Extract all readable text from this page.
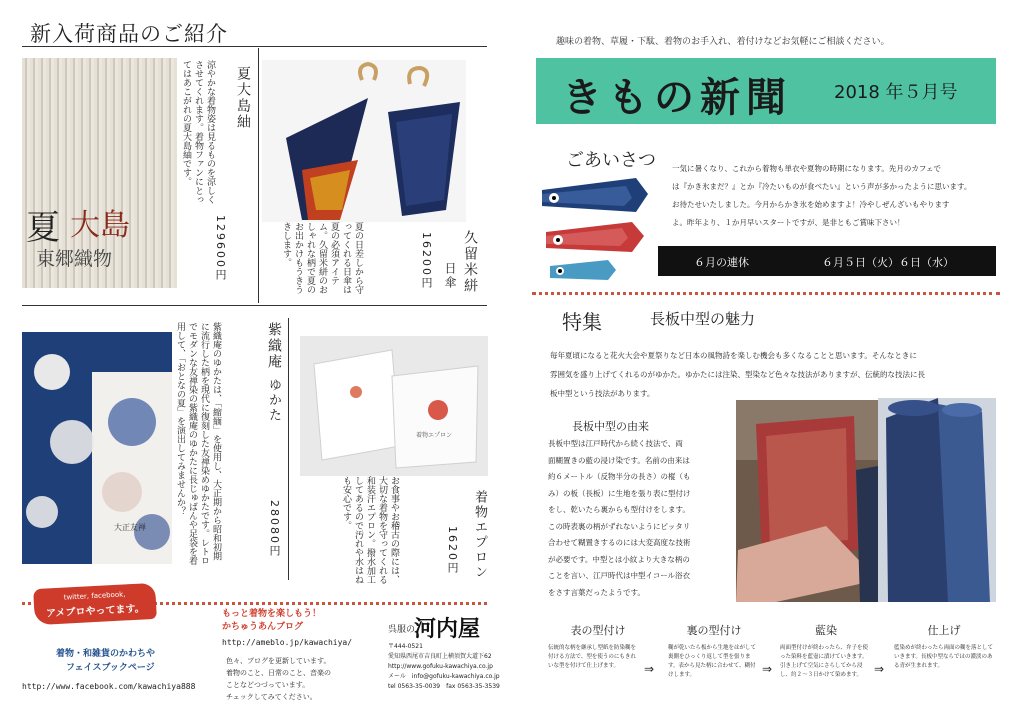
新入荷商品のご紹介
夏 大島
東郷織物
涼やかな着物姿は見るものを涼しくさせてくれます。着物ファンにとってはあこがれの夏大島紬です。
129600円
夏大島紬
夏の日差しから守ってくれる日傘は夏の必須アイテム。久留米絣のおしゃれな柄で夏のお出かけもうきうきします。	16200円 久留米絣
日傘
大正友禅	紫織庵のゆかたは、「縮緬」を使用し、大正期から昭和初期に流行した柄を現代に復刻した友禅染めゆかたです。レトロでモダンな友禅染の紫織庵のゆかたに長じゅばんや足袋を着用して、「おとなの夏」を演出してみませんか？	紫織庵
ゆかた
28080円
着物エプロン
お食事やお稽古の際には、大切な着物を守ってくれる和装汗エプロン。撥水加工してあるので汚れや水はねも安心です。
1620円 着物エプロン
twitter, facebook,
アメブロやってます。
着物・和雑貨のかわちや
フェイスブックページ
http://www.facebook.com/kawachiya888
もっと着物を楽しもう！
かちゅうあんブログ
http://ameblo.jp/kawachiya/
色々、ブログを更新しています。
着物のこと、日常のこと、音楽の
ことなどつづっています。
チェックしてみてください。
呉服の
河内屋
〒444-0521
愛知県西尾市吉良町上横須賀大道下62
http://www.gofuku-kawachiya.co.jp
メール　info@gofuku-kawachiya.co.jp
tel 0563-35-0039　fax 0563-35-3539
趣味の着物、草履・下駄、着物のお手入れ、着付けなどお気軽にご相談ください。
きもの新聞 2018 年５月号
ごあいさつ 一気に暑くなり、これから着物も単衣や夏物の時期になります。先月のカフェで
は『かき氷まだ？』とか『冷たいものが食べたい』という声が多かったように思います。
お待たせいたしました。今月からかき氷を始めますよ！冷やしぜんざいもやります
よ。昨年より、１か月早いスタートですが、是非ともご賞味下さい！
６月の連休	６月５日（火）６日（水）
特集	長板中型の魅力
毎年夏頃になると花火大会や夏祭りなど日本の風物詩を楽しむ機会も多くなることと思います。そんなときに
雰囲気を盛り上げてくれるのがゆかた。ゆかたには注染、型染など色々な技法がありますが、伝統的な技法に長
板中型という技法があります。
長板中型の由来
長板中型は江戸時代から続く技法で、両
面糊置きの藍の浸け染です。名前の由来は
約６メートル（反物半分の長さ）の樅（も
み）の板（長板）に生地を張り表に型付け
をし、乾いたら裏からも型付けをします。
この時表裏の柄がずれないようにピッタリ
合わせて糊置きするのには大変高度な技術
が必要です。中型とは小紋より大きな柄の
ことを言い、江戸時代は中型イコール浴衣
をさす言葉だったようです。
表の型付け
伝統的な柄を継承し型紙を防染糊を付ける方法で、型を使うのにもきれいな型を付けて仕上げます。	⇒
裏の型付け
糊が乾いたら板から生地をはがして裏側をひっくり返して型を張ります。表から見た柄に合わせて、糊付けします。	⇒
藍染
両面型付けが終わったら、弁子を使った染料を藍壺に漬けていきます。引き上げて空気にさらしてから浸し、約２～３日かけて染めます。 ⇒
仕上げ
藍染めが終わったら両面の糊を落としていきます。長板中型ならではの濃淡のある青が生まれます。
